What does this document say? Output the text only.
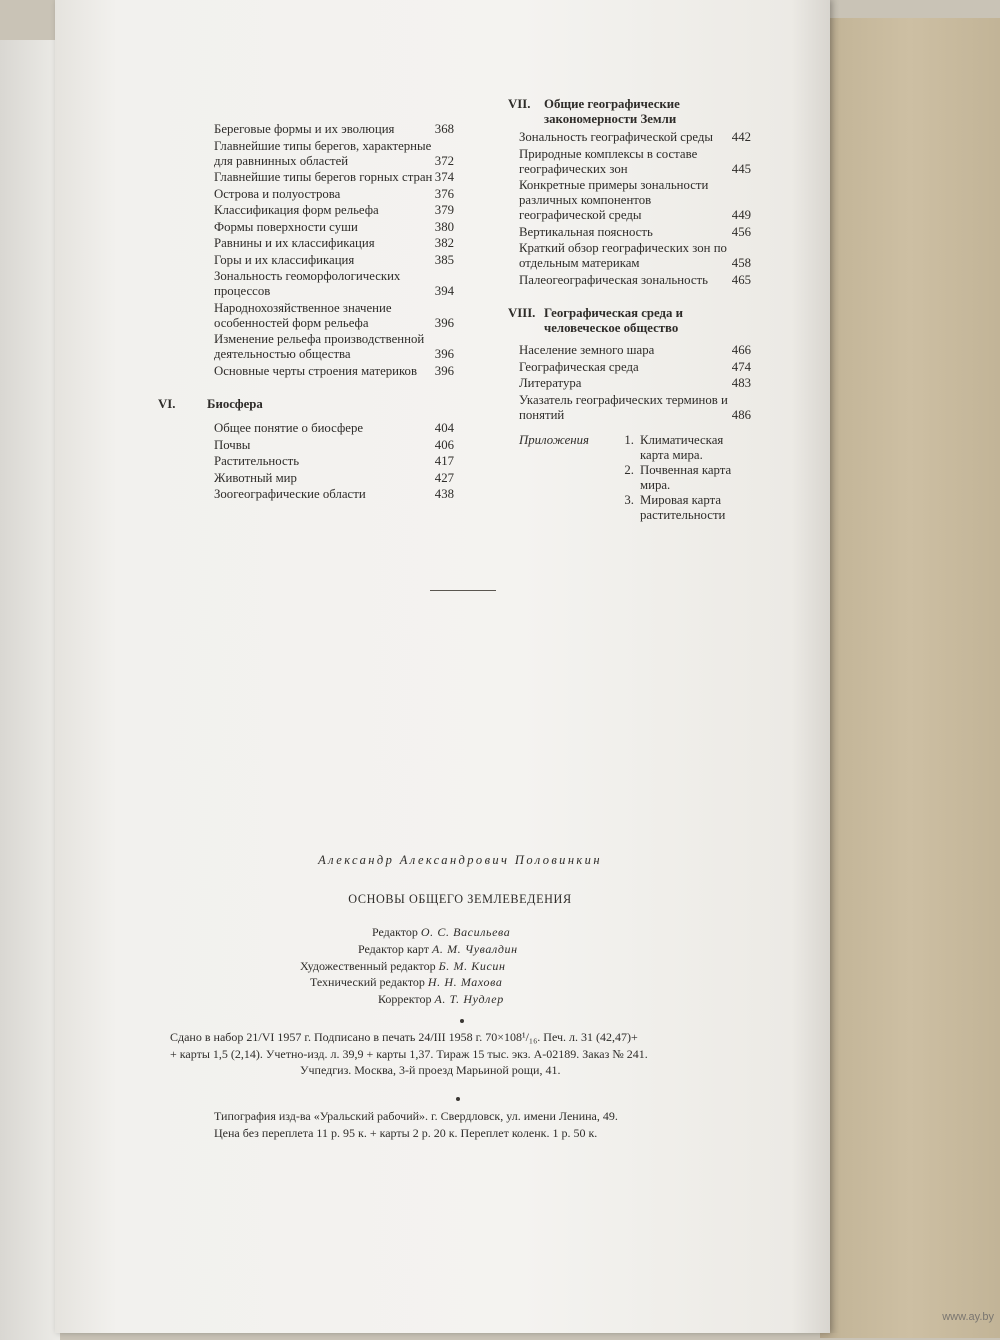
Береговые формы и их эволюция	368
Главнейшие типы берегов, характерные для равнинных областей	372
Главнейшие типы берегов горных стран 374
Острова и полуострова	376
Классификация форм рельефа	379
Формы поверхности суши	380
Равнины и их классификация	382
Горы и их классификация	385
Зональность геоморфологических процессов	394
Народнохозяйственное значение особенностей форм рельефа	396
Изменение рельефа производственной деятельностью общества	396
Основные черты строения материков	396
VI.	Биосфера
Общее понятие о биосфере	404
Почвы	406
Растительность	417
Животный мир	427
Зоогеографические области	438
VII.	Общие географические закономерности Земли
Зональность географической среды	442
Природные комплексы в составе географических зон	445
Конкретные примеры зональности различных компонентов географической среды	449
Вертикальная поясность	456
Краткий обзор географических зон по отдельным материкам	458
Палеогеографическая зональность	465
VIII. Географическая среда и человеческое общество
Население земного шара	466
Географическая среда	474
Литература	483
Указатель географических терминов и понятий	486
Приложения	1. Климатическая карта мира.
2. Почвенная карта мира.
3. Мировая карта растительности
Александр Александрович Половинкин
ОСНОВЫ ОБЩЕГО ЗЕМЛЕВЕДЕНИЯ
Редактор О. С. Васильева
Редактор карт А. М. Чувалдин
Художественный редактор Б. М. Кисин
Технический редактор Н. Н. Махова
Корректор А. Т. Нудлер
Сдано в набор 21/VI 1957 г. Подписано в печать 24/III 1958 г. 70×108¹/₁₆. Печ. л. 31 (42,47)+
+ карты 1,5 (2,14). Учетно-изд. л. 39,9 + карты 1,37. Тираж 15 тыс. экз. А-02189. Заказ № 241.
Учпедгиз. Москва, 3-й проезд Марьиной рощи, 41.
Типография изд-ва «Уральский рабочий». г. Свердловск, ул. имени Ленина, 49.
Цена без переплета 11 р. 95 к. + карты 2 р. 20 к. Переплет коленк. 1 р. 50 к.
www.ay.by
